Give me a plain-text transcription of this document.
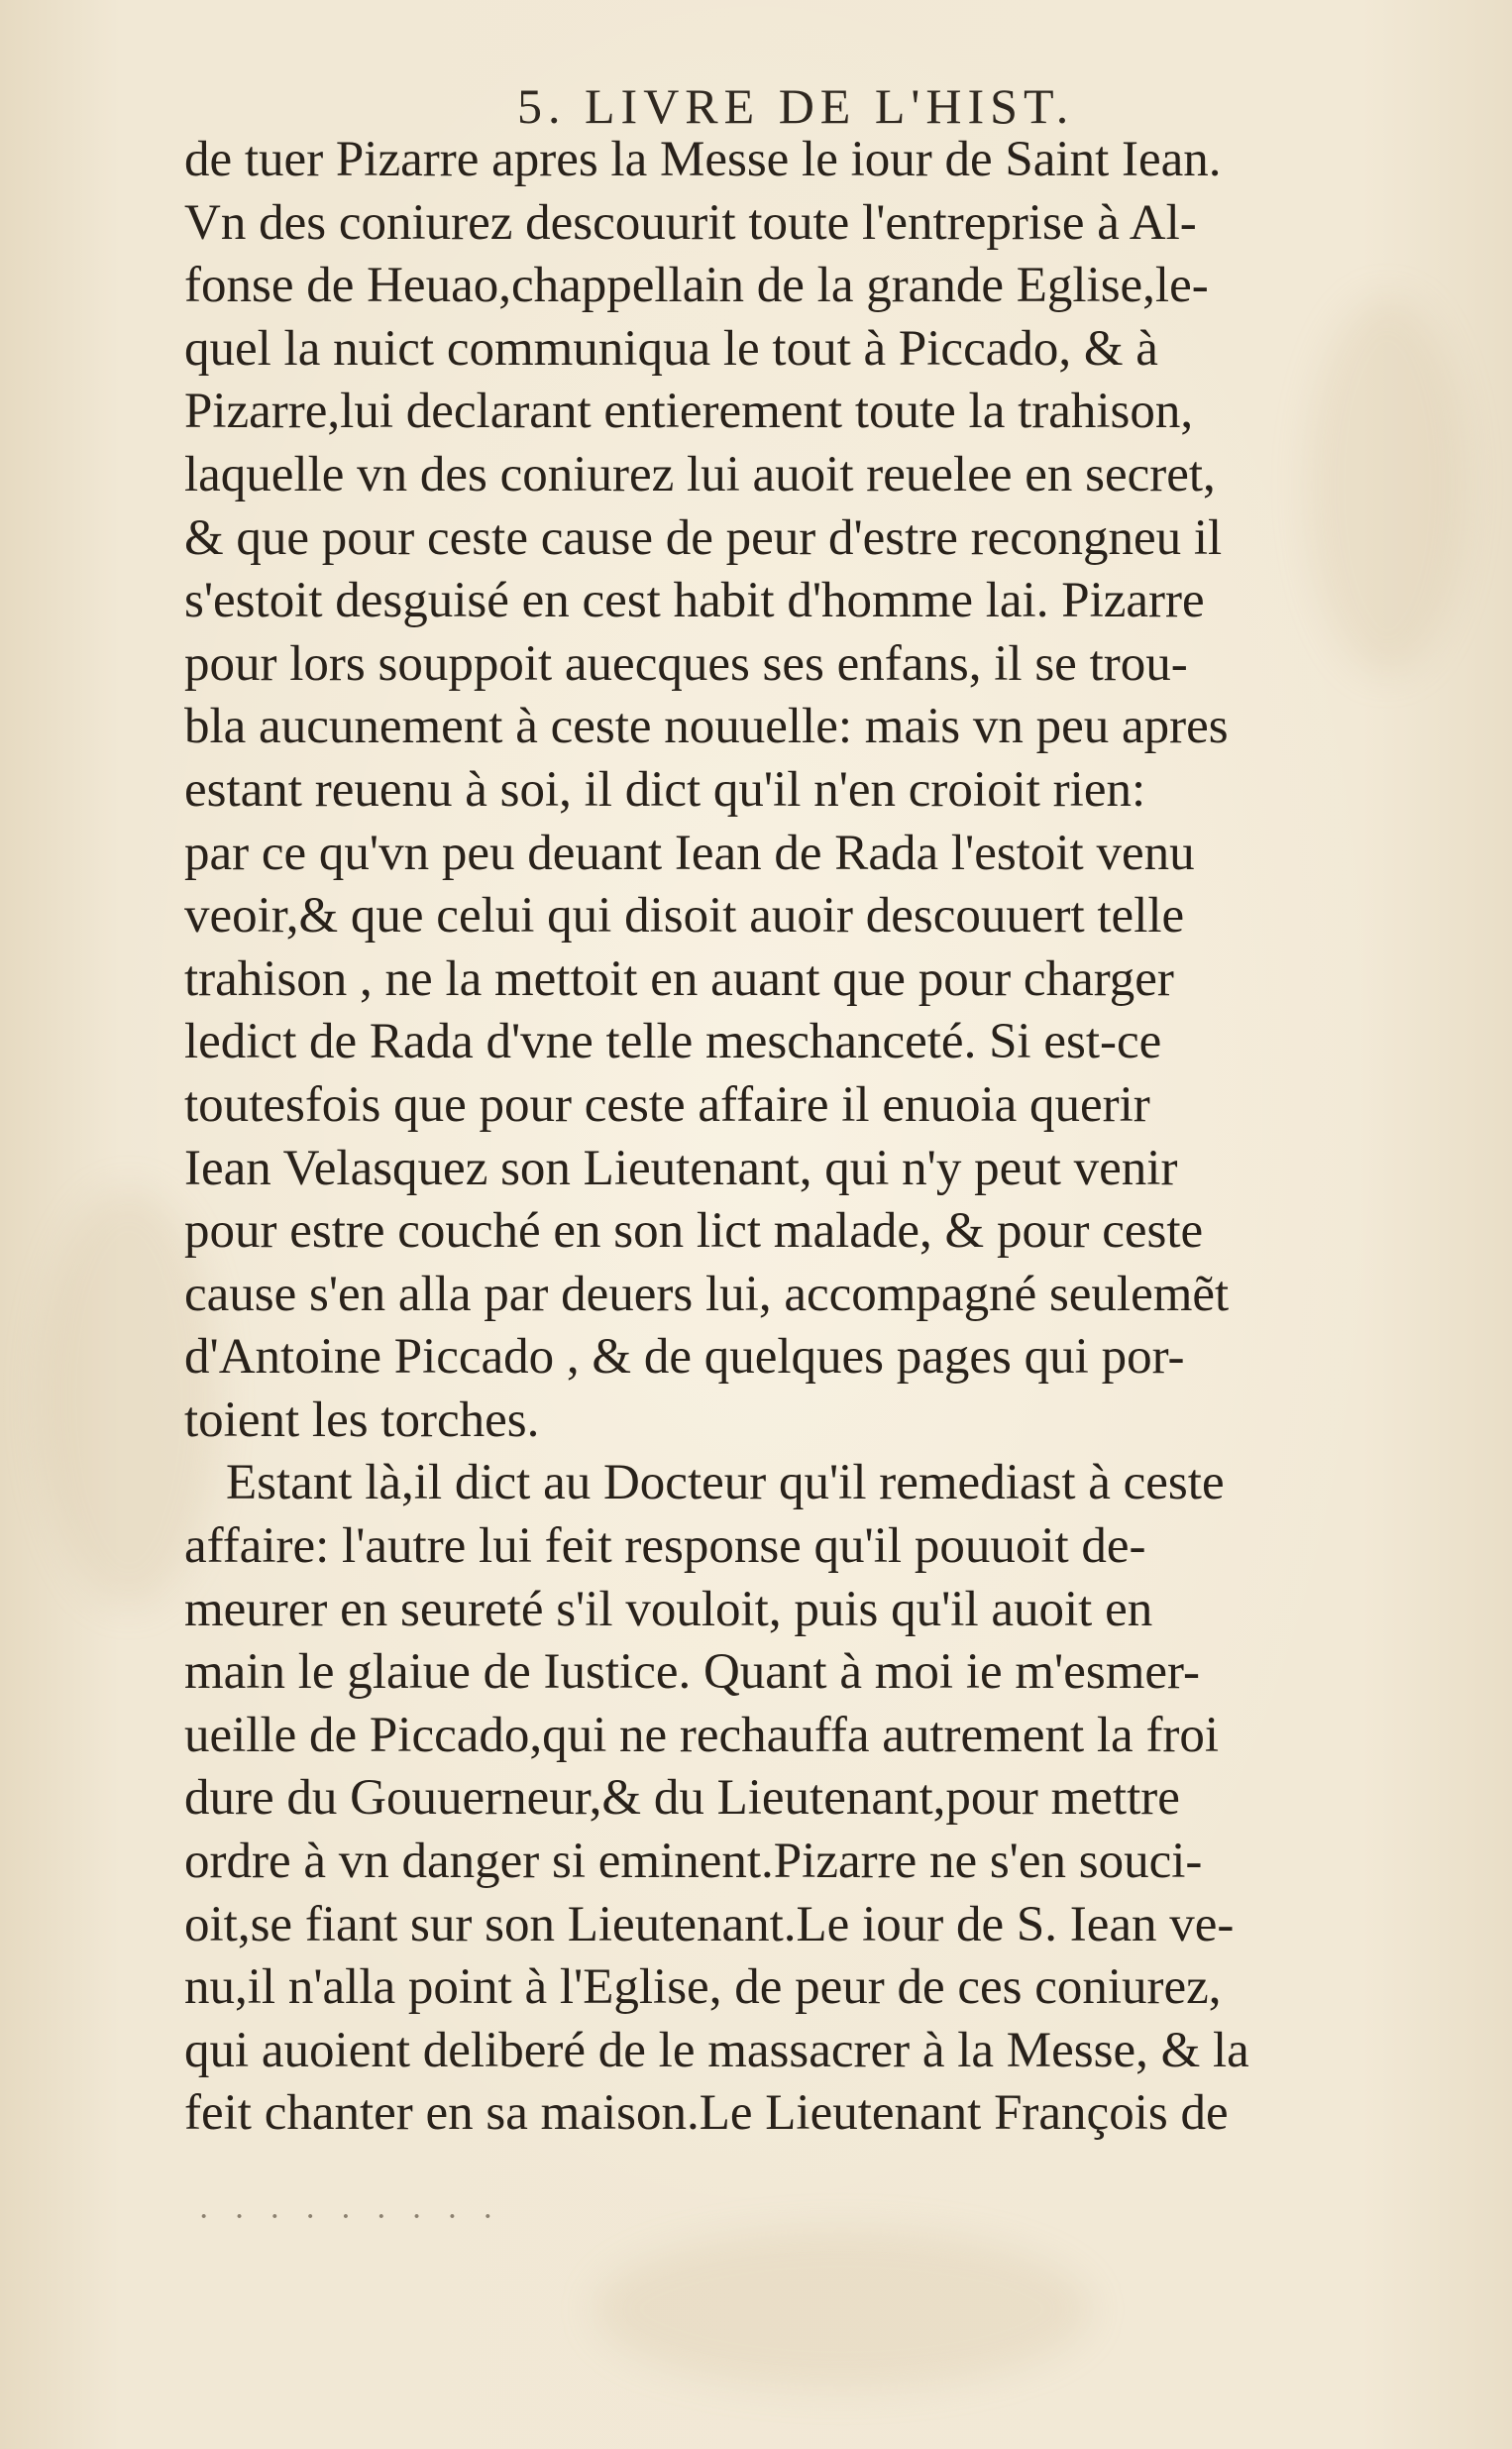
5. LIVRE DE L'HIST.
de tuer Pizarre apres la Messe le iour de Saint Iean.
Vn des coniurez descouurit toute l'entreprise à Al-
fonse de Heuao,chappellain de la grande Eglise,le-
quel la nuict communiqua le tout à Piccado, & à
Pizarre,lui declarant entierement toute la trahison,
laquelle vn des coniurez lui auoit reuelee en secret,
& que pour ceste cause de peur d'estre recongneu il
s'estoit desguisé en cest habit d'homme lai. Pizarre
pour lors souppoit auecques ses enfans, il se trou-
bla aucunement à ceste nouuelle: mais vn peu apres
estant reuenu à soi, il dict qu'il n'en croioit rien:
par ce qu'vn peu deuant Iean de Rada l'estoit venu
veoir,& que celui qui disoit auoir descouuert telle
trahison , ne la mettoit en auant que pour charger
ledict de Rada d'vne telle meschanceté. Si est-ce
toutesfois que pour ceste affaire il enuoia querir
Iean Velasquez son Lieutenant, qui n'y peut venir
pour estre couché en son lict malade, & pour ceste
cause s'en alla par deuers lui, accompagné seulemẽt
d'Antoine Piccado , & de quelques pages qui por-
toient les torches.
Estant là,il dict au Docteur qu'il remediast à ceste
affaire: l'autre lui feit response qu'il pouuoit de-
meurer en seureté s'il vouloit, puis qu'il auoit en
main le glaiue de Iustice. Quant à moi ie m'esmer-
ueille de Piccado,qui ne rechauffa autrement la froi
dure du Gouuerneur,& du Lieutenant,pour mettre
ordre à vn danger si eminent.Pizarre ne s'en souci-
oit,se fiant sur son Lieutenant.Le iour de S. Iean ve-
nu,il n'alla point à l'Eglise, de peur de ces coniurez,
qui auoient deliberé de le massacrer à la Messe, & la
feit chanter en sa maison.Le Lieutenant François de
· · · · · · · · ·
